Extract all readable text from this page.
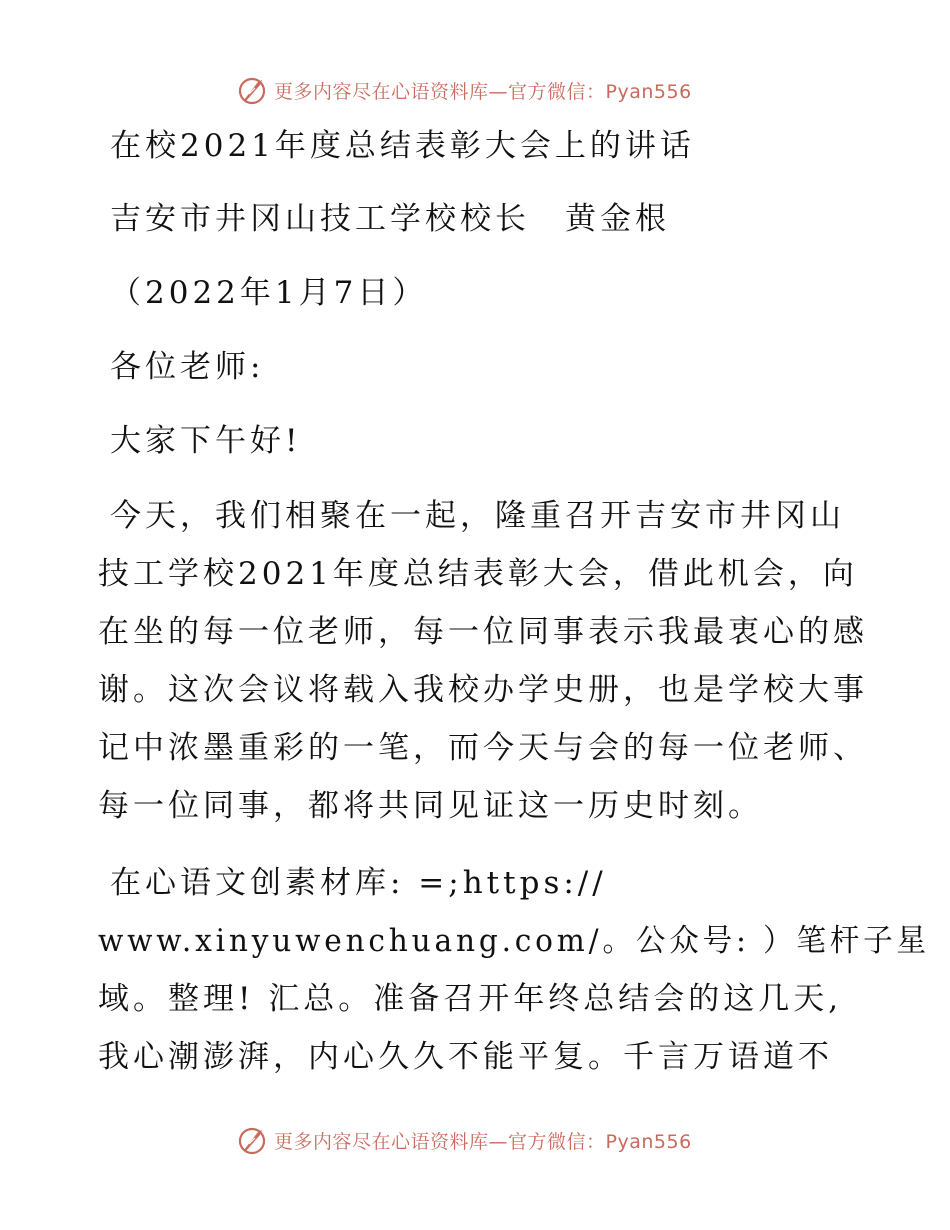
更多内容尽在心语资料库—官方微信：Pyan556
在校2021年度总结表彰大会上的讲话
吉安市井冈山技工学校校长　黄金根
（2022年1月7日）
各位老师:
大家下午好!
今天，我们相聚在一起，隆重召开吉安市井冈山
技工学校2021年度总结表彰大会，借此机会，向
在坐的每一位老师，每一位同事表示我最衷心的感
谢。这次会议将载入我校办学史册，也是学校大事
记中浓墨重彩的一笔，而今天与会的每一位老师、
每一位同事，都将共同见证这一历史时刻。
在心语文创素材库: =;https://
www.xinyuwenchuang.com/。公众号: ）笔杆子星
域。整理! 汇总。准备召开年终总结会的这几天,
我心潮澎湃，内心久久不能平复。千言万语道不
更多内容尽在心语资料库—官方微信：Pyan556
